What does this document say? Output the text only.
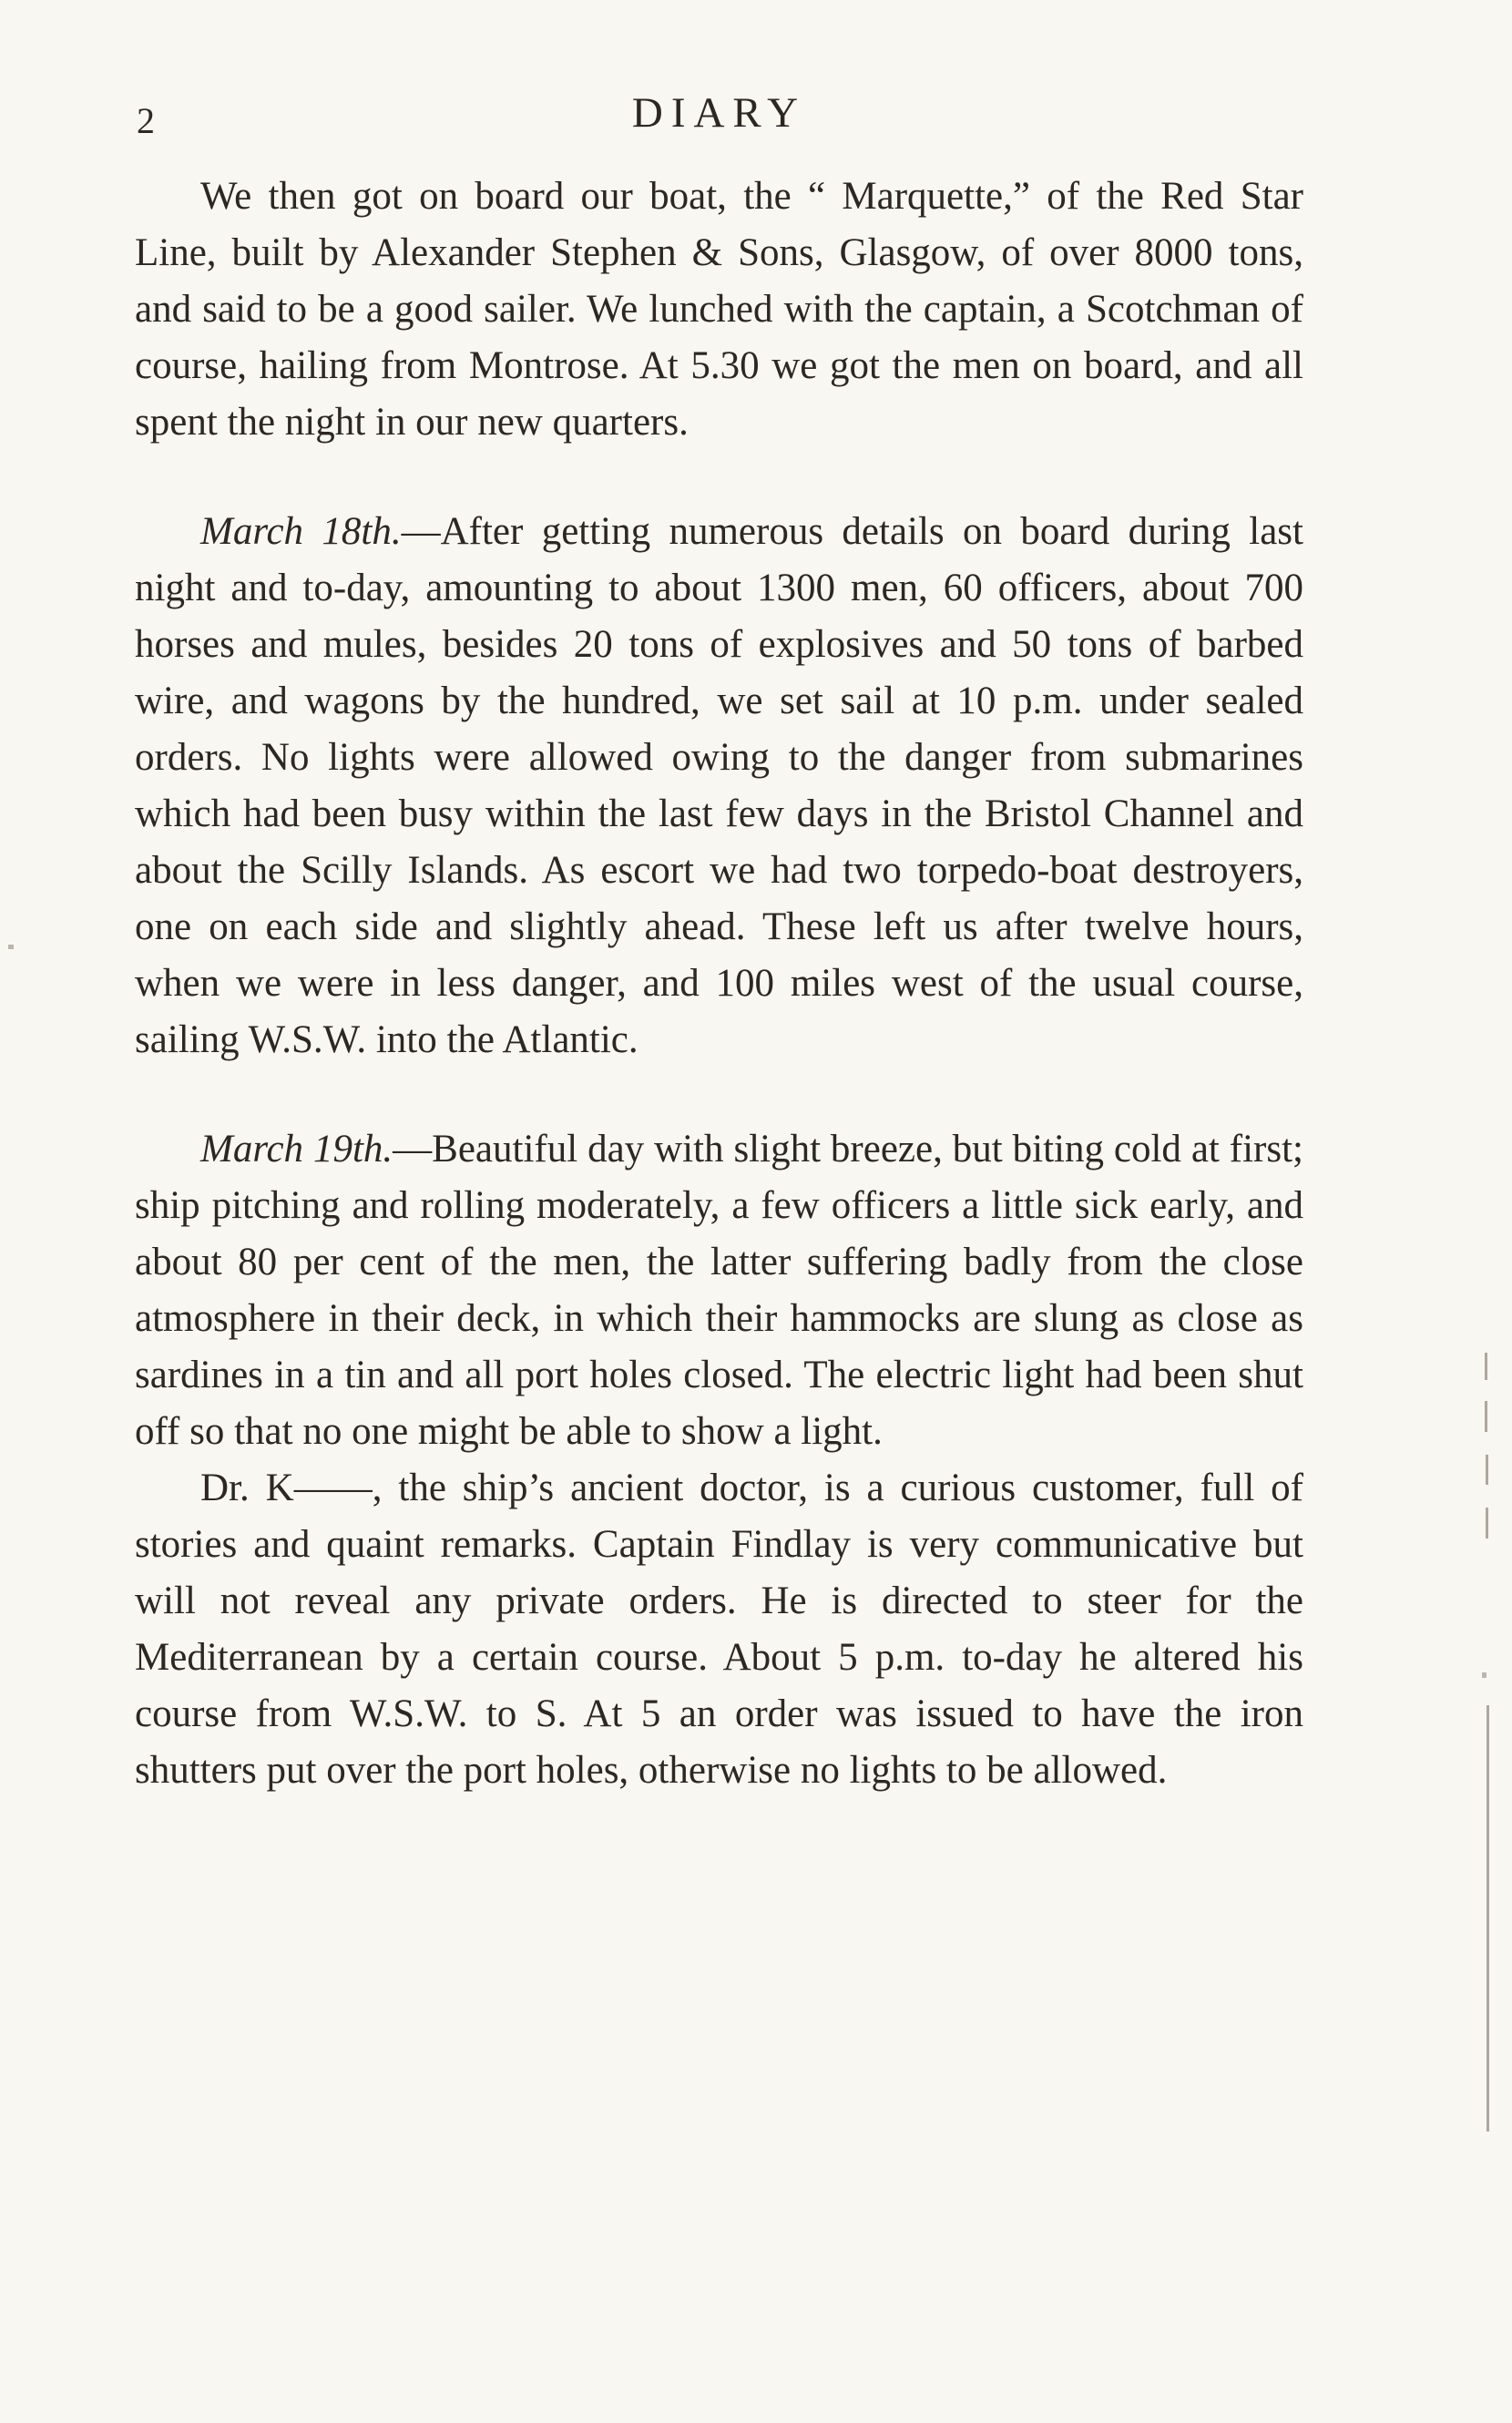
2	DIARY

We then got on board our boat, the “ Marquette,” of the Red Star Line, built by Alexander Stephen & Sons, Glasgow, of over 8000 tons, and said to be a good sailer. We lunched with the captain, a Scotchman of course, hailing from Montrose. At 5.30 we got the men on board, and all spent the night in our new quarters.

March 18th.—After getting numerous details on board during last night and to-day, amounting to about 1300 men, 60 officers, about 700 horses and mules, besides 20 tons of explosives and 50 tons of barbed wire, and wagons by the hundred, we set sail at 10 p.m. under sealed orders. No lights were allowed owing to the danger from submarines which had been busy within the last few days in the Bristol Channel and about the Scilly Islands. As escort we had two torpedo-boat destroyers, one on each side and slightly ahead. These left us after twelve hours, when we were in less danger, and 100 miles west of the usual course, sailing W.S.W. into the Atlantic.

March 19th.—Beautiful day with slight breeze, but biting cold at first; ship pitching and rolling moderately, a few officers a little sick early, and about 80 per cent of the men, the latter suffering badly from the close atmosphere in their deck, in which their hammocks are slung as close as sardines in a tin and all port holes closed. The electric light had been shut off so that no one might be able to show a light.

Dr. K——, the ship’s ancient doctor, is a curious customer, full of stories and quaint remarks. Captain Findlay is very communicative but will not reveal any private orders. He is directed to steer for the Mediterranean by a certain course. About 5 p.m. to-day he altered his course from W.S.W. to S. At 5 an order was issued to have the iron shutters put over the port holes, otherwise no lights to be allowed.
